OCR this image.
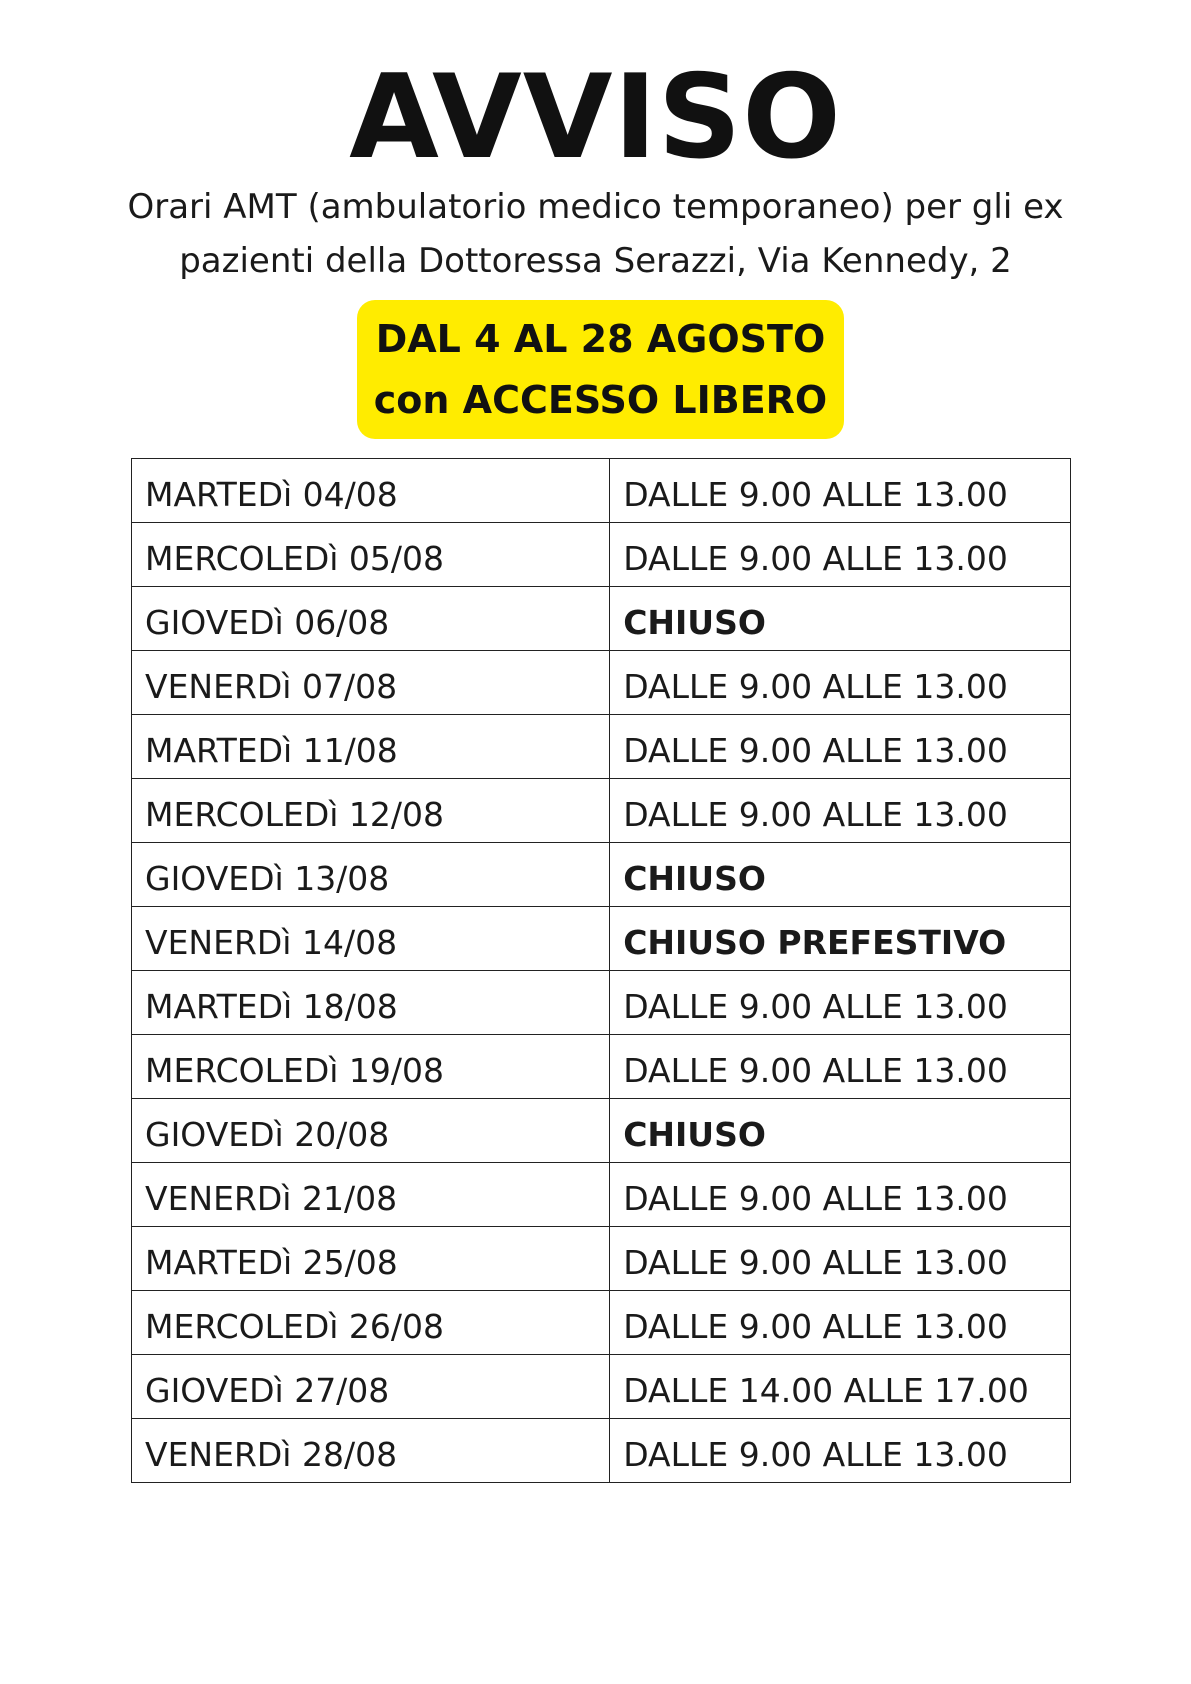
AVVISO
Orari AMT (ambulatorio medico temporaneo) per gli ex
pazienti della Dottoressa Serazzi, Via Kennedy, 2
DAL 4 AL 28 AGOSTO
con ACCESSO LIBERO
MARTEDì 04/08	DALLE 9.00 ALLE 13.00
MERCOLEDì 05/08	DALLE 9.00 ALLE 13.00
GIOVEDì 06/08	CHIUSO
VENERDì 07/08	DALLE 9.00 ALLE 13.00
MARTEDì 11/08	DALLE 9.00 ALLE 13.00
MERCOLEDì 12/08	DALLE 9.00 ALLE 13.00
GIOVEDì 13/08	CHIUSO
VENERDì 14/08	CHIUSO PREFESTIVO
MARTEDì 18/08	DALLE 9.00 ALLE 13.00
MERCOLEDì 19/08	DALLE 9.00 ALLE 13.00
GIOVEDì 20/08	CHIUSO
VENERDì 21/08	DALLE 9.00 ALLE 13.00
MARTEDì 25/08	DALLE 9.00 ALLE 13.00
MERCOLEDì 26/08	DALLE 9.00 ALLE 13.00
GIOVEDì 27/08	DALLE 14.00 ALLE 17.00
VENERDì 28/08	DALLE 9.00 ALLE 13.00
